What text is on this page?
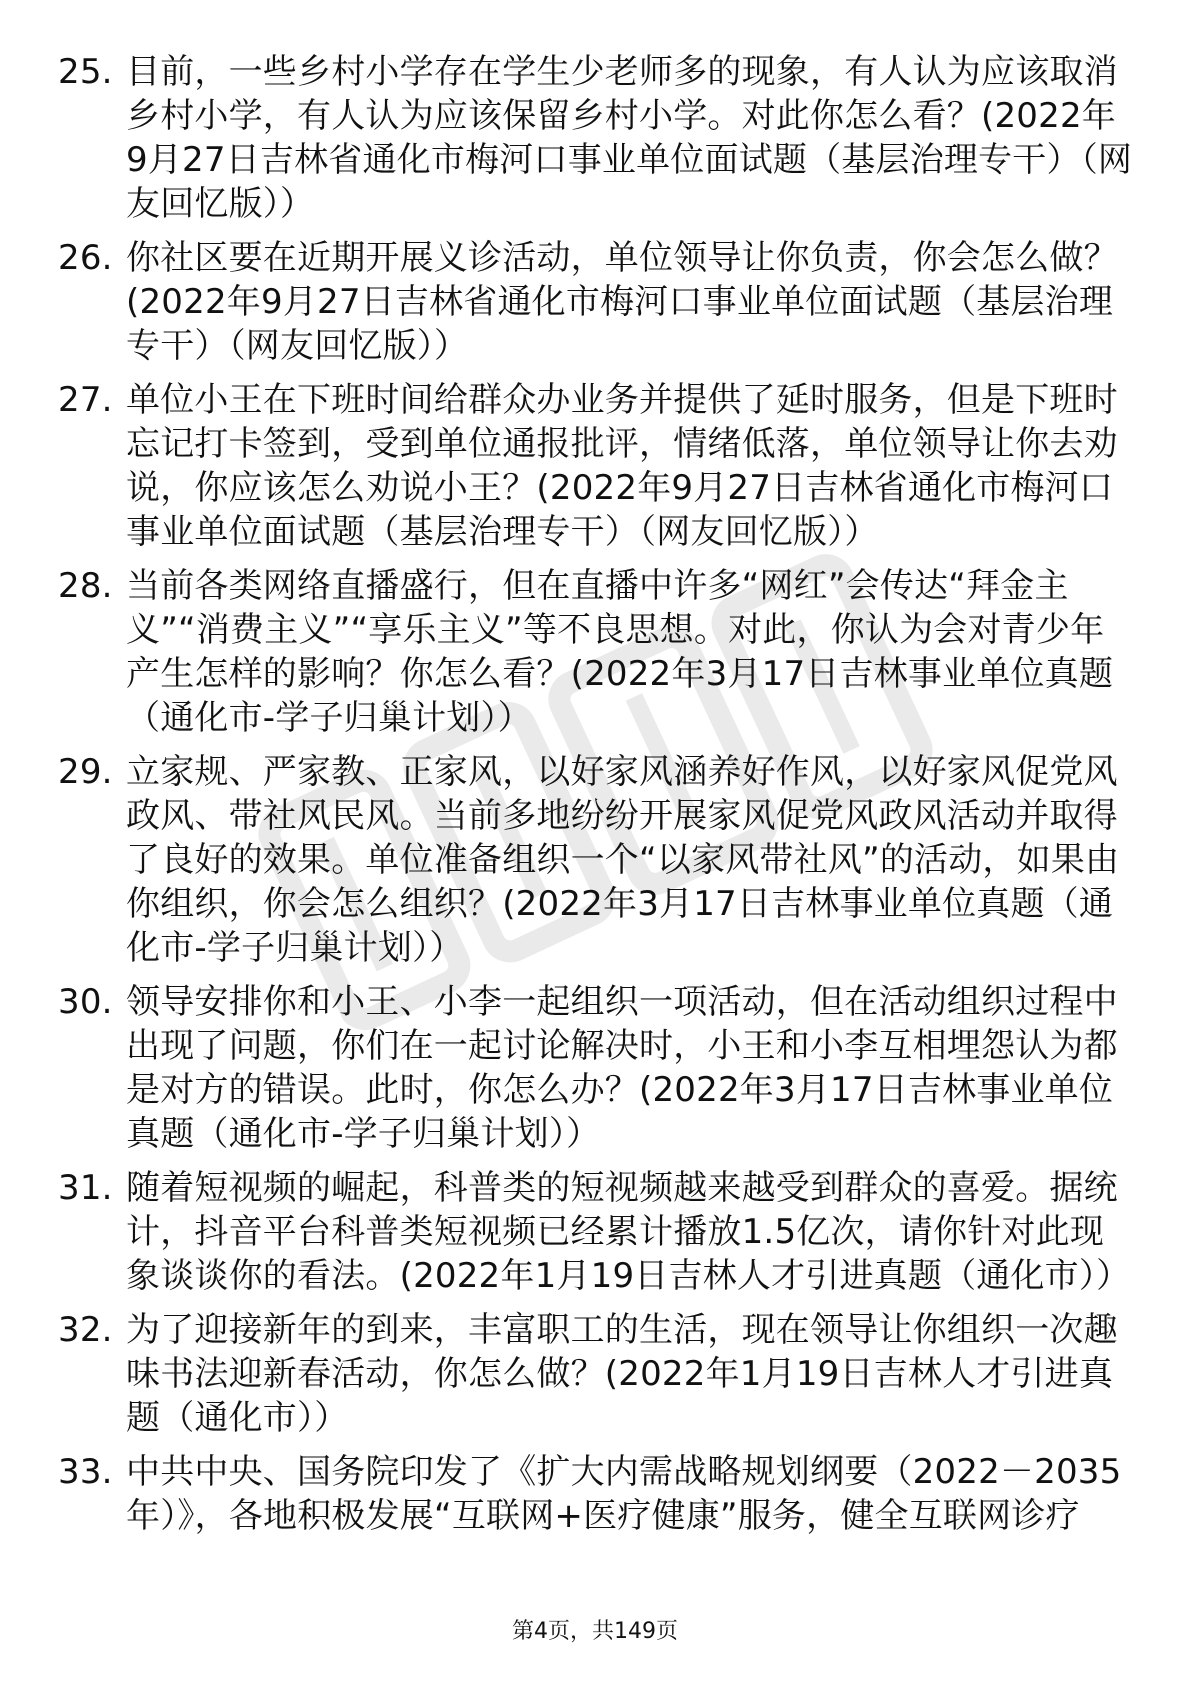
25. 目前，一些乡村小学存在学生少老师多的现象，有人认为应该取消乡村小学，有人认为应该保留乡村小学。对此你怎么看？(2022年9月27日吉林省通化市梅河口事业单位面试题（基层治理专干）（网友回忆版））
26. 你社区要在近期开展义诊活动，单位领导让你负责，你会怎么做？(2022年9月27日吉林省通化市梅河口事业单位面试题（基层治理专干）（网友回忆版））
27. 单位小王在下班时间给群众办业务并提供了延时服务，但是下班时忘记打卡签到，受到单位通报批评，情绪低落，单位领导让你去劝说，你应该怎么劝说小王？(2022年9月27日吉林省通化市梅河口事业单位面试题（基层治理专干）（网友回忆版））
28. 当前各类网络直播盛行，但在直播中许多“网红”会传达“拜金主义”“消费主义”“享乐主义”等不良思想。对此，你认为会对青少年产生怎样的影响？你怎么看？(2022年3月17日吉林事业单位真题（通化市-学子归巢计划））
29. 立家规、严家教、正家风，以好家风涵养好作风，以好家风促党风政风、带社风民风。当前多地纷纷开展家风促党风政风活动并取得了良好的效果。单位准备组织一个“以家风带社风”的活动，如果由你组织，你会怎么组织？(2022年3月17日吉林事业单位真题（通化市-学子归巢计划））
30. 领导安排你和小王、小李一起组织一项活动，但在活动组织过程中出现了问题，你们在一起讨论解决时，小王和小李互相埋怨认为都是对方的错误。此时，你怎么办？(2022年3月17日吉林事业单位真题（通化市-学子归巢计划））
31. 随着短视频的崛起，科普类的短视频越来越受到群众的喜爱。据统计，抖音平台科普类短视频已经累计播放1.5亿次，请你针对此现象谈谈你的看法。(2022年1月19日吉林人才引进真题（通化市））
32. 为了迎接新年的到来，丰富职工的生活，现在领导让你组织一次趣味书法迎新春活动，你怎么做？(2022年1月19日吉林人才引进真题（通化市））
33. 中共中央、国务院印发了《扩大内需战略规划纲要（2022－2035年）》，各地积极发展“互联网+医疗健康”服务，健全互联网诊疗
第4页，共149页
